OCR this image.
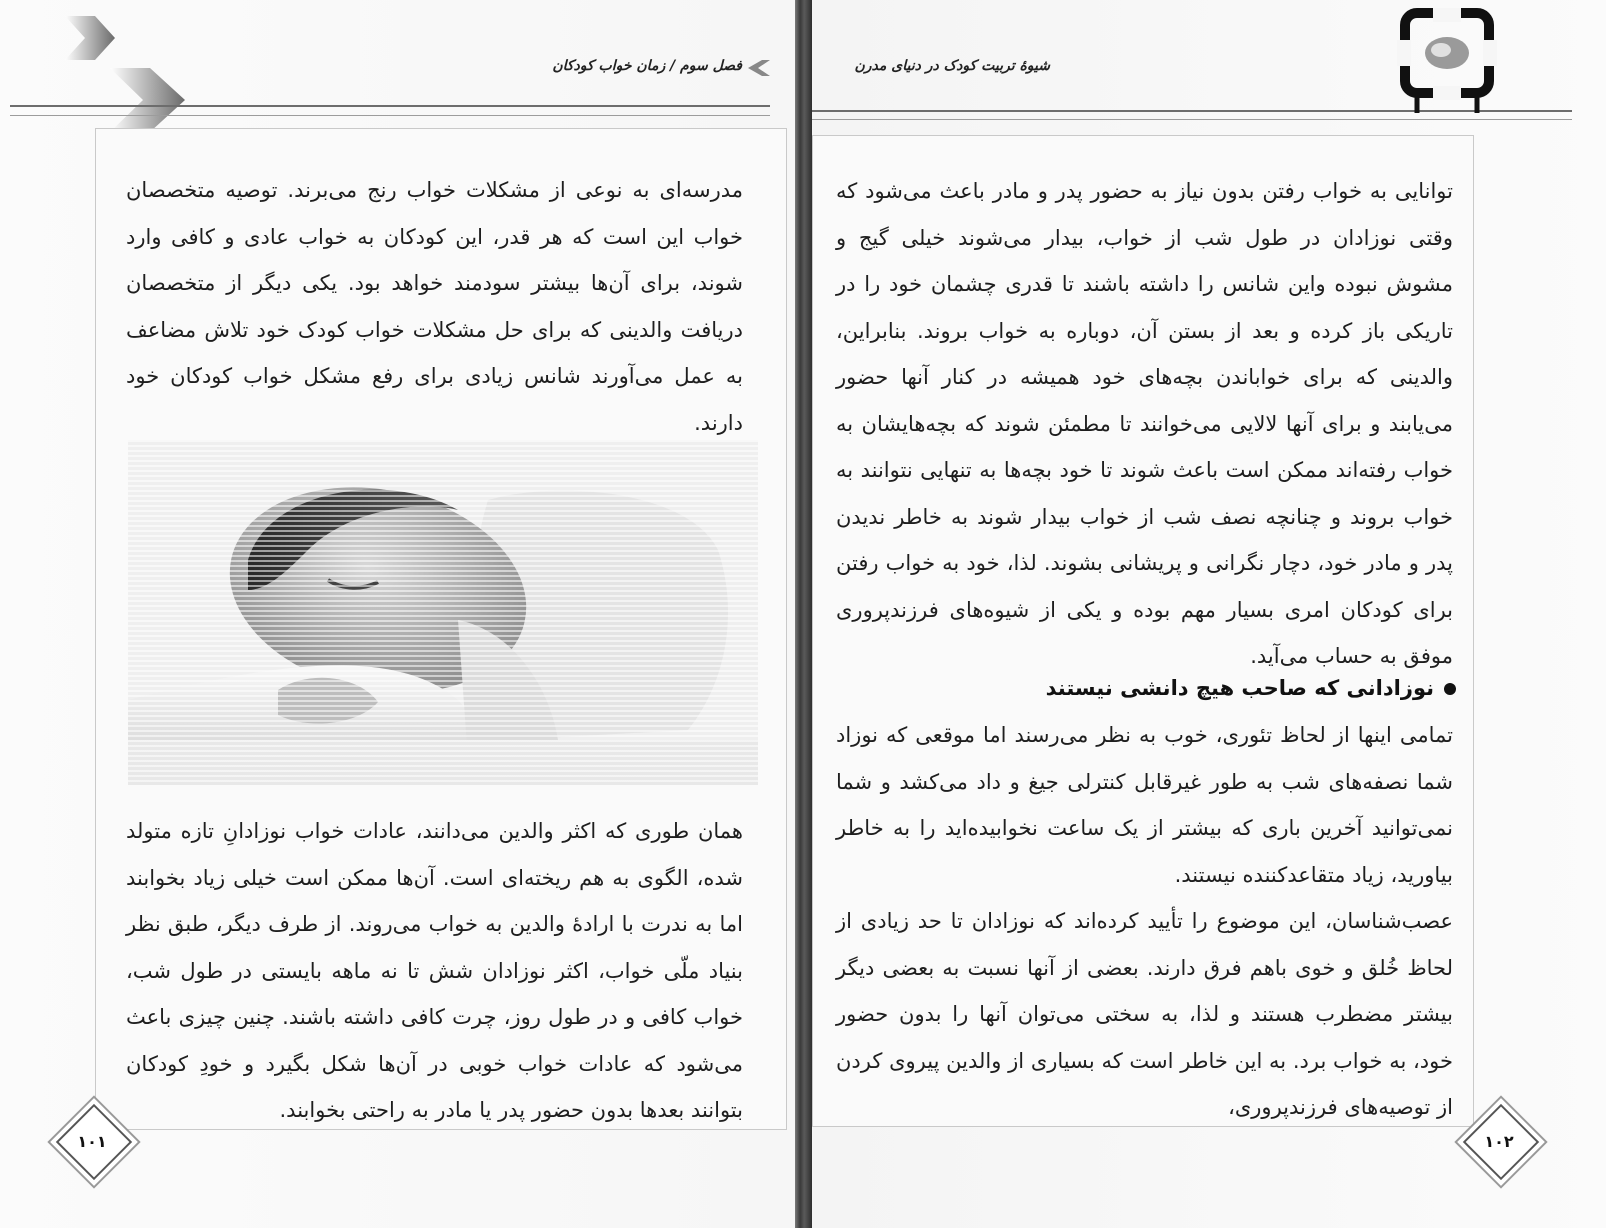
فصل سوم / زمان خواب کودکان

مدرسه‌ای به نوعی از مشکلات خواب رنج می‌برند. توصیه متخصصان خواب این است که هر قدر، این کودکان به خواب عادی و کافی وارد شوند، برای آن‌ها بیشتر سودمند خواهد بود. یکی دیگر از متخصصان دریافت والدینی که برای حل مشکلات خواب کودک خود تلاش مضاعف به عمل می‌آورند شانس زیادی برای رفع مشکل خواب کودکان خود دارند.

همان طوری که اکثر والدین می‌دانند، عادات خواب نوزادانِ تازه متولد شده، الگوی به هم ریخته‌ای است. آن‌ها ممکن است خیلی زیاد بخوابند اما به ندرت با ارادهٔ والدین به خواب می‌روند. از طرف دیگر، طبق نظر بنیاد ملّی خواب، اکثر نوزادان شش تا نه ماهه بایستی در طول شب، خواب کافی و در طول روز، چرت کافی داشته باشند. چنین چیزی باعث می‌شود که عادات خواب خوبی در آن‌ها شکل بگیرد و خودِ کودکان بتوانند بعدها بدون حضور پدر یا مادر به راحتی بخوابند.

۱۰۱
شیوهٔ تربیت کودک در دنیای مدرن

توانایی به خواب رفتن بدون نیاز به حضور پدر و مادر باعث می‌شود که وقتی نوزادان در طول شب از خواب، بیدار می‌شوند خیلی گیج و مشوش نبوده واین شانس را داشته باشند تا قدری چشمان خود را در تاریکی باز کرده و بعد از بستن آن، دوباره به خواب بروند. بنابراین، والدینی که برای خواباندن بچه‌های خود همیشه در کنار آنها حضور می‌یابند و برای آنها لالایی می‌خوانند تا مطمئن شوند که بچه‌هایشان به خواب رفته‌اند ممکن است باعث شوند تا خود بچه‌ها به تنهایی نتوانند به خواب بروند و چنانچه نصف شب از خواب بیدار شوند به خاطر ندیدن پدر و مادر خود، دچار نگرانی و پریشانی بشوند. لذا، خود به خواب رفتن برای کودکان امری بسیار مهم بوده و یکی از شیوه‌های فرزندپروری موفق به حساب می‌آید.

نوزادانی که صاحب هیچ دانشی نیستند

تمامی اینها از لحاظ تئوری، خوب به نظر می‌رسند اما موقعی که نوزاد شما نصفه‌های شب به طور غیرقابل کنترلی جیغ و داد می‌کشد و شما نمی‌توانید آخرین باری که بیشتر از یک ساعت نخوابیده‌اید را به خاطر بیاورید، زیاد متقاعدکننده نیستند.

عصب‌شناسان، این موضوع را تأیید کرده‌اند که نوزادان تا حد زیادی از لحاظ خُلق و خوی باهم فرق دارند. بعضی از آنها نسبت به بعضی دیگر بیشتر مضطرب هستند و لذا، به سختی می‌توان آنها را بدون حضور خود، به خواب برد. به این خاطر است که بسیاری از والدین پیروی کردن از توصیه‌های فرزندپروری،

۱۰۲
